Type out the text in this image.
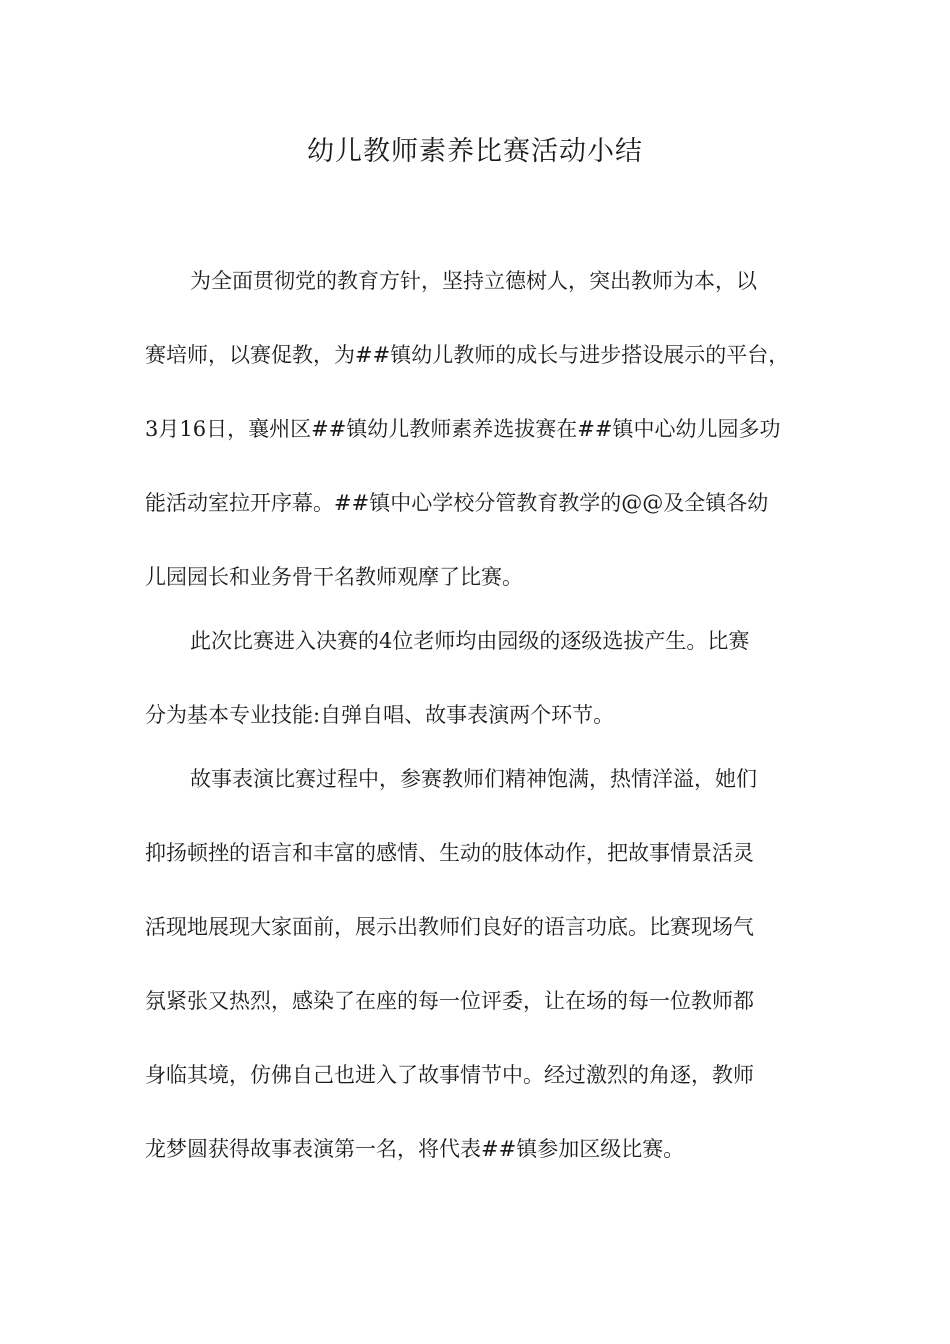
幼儿教师素养比赛活动小结

为全面贯彻党的教育方针，坚持立德树人，突出教师为本，以

赛培师，以赛促教，为##镇幼儿教师的成长与进步搭设展示的平台，

3月16日，襄州区##镇幼儿教师素养选拔赛在##镇中心幼儿园多功

能活动室拉开序幕。##镇中心学校分管教育教学的@@及全镇各幼

儿园园长和业务骨干名教师观摩了比赛。

此次比赛进入决赛的4位老师均由园级的逐级选拔产生。比赛

分为基本专业技能:自弹自唱、故事表演两个环节。

故事表演比赛过程中，参赛教师们精神饱满，热情洋溢，她们

抑扬顿挫的语言和丰富的感情、生动的肢体动作，把故事情景活灵

活现地展现大家面前，展示出教师们良好的语言功底。比赛现场气

氛紧张又热烈，感染了在座的每一位评委，让在场的每一位教师都

身临其境，仿佛自己也进入了故事情节中。经过激烈的角逐，教师

龙梦圆获得故事表演第一名，将代表##镇参加区级比赛。
